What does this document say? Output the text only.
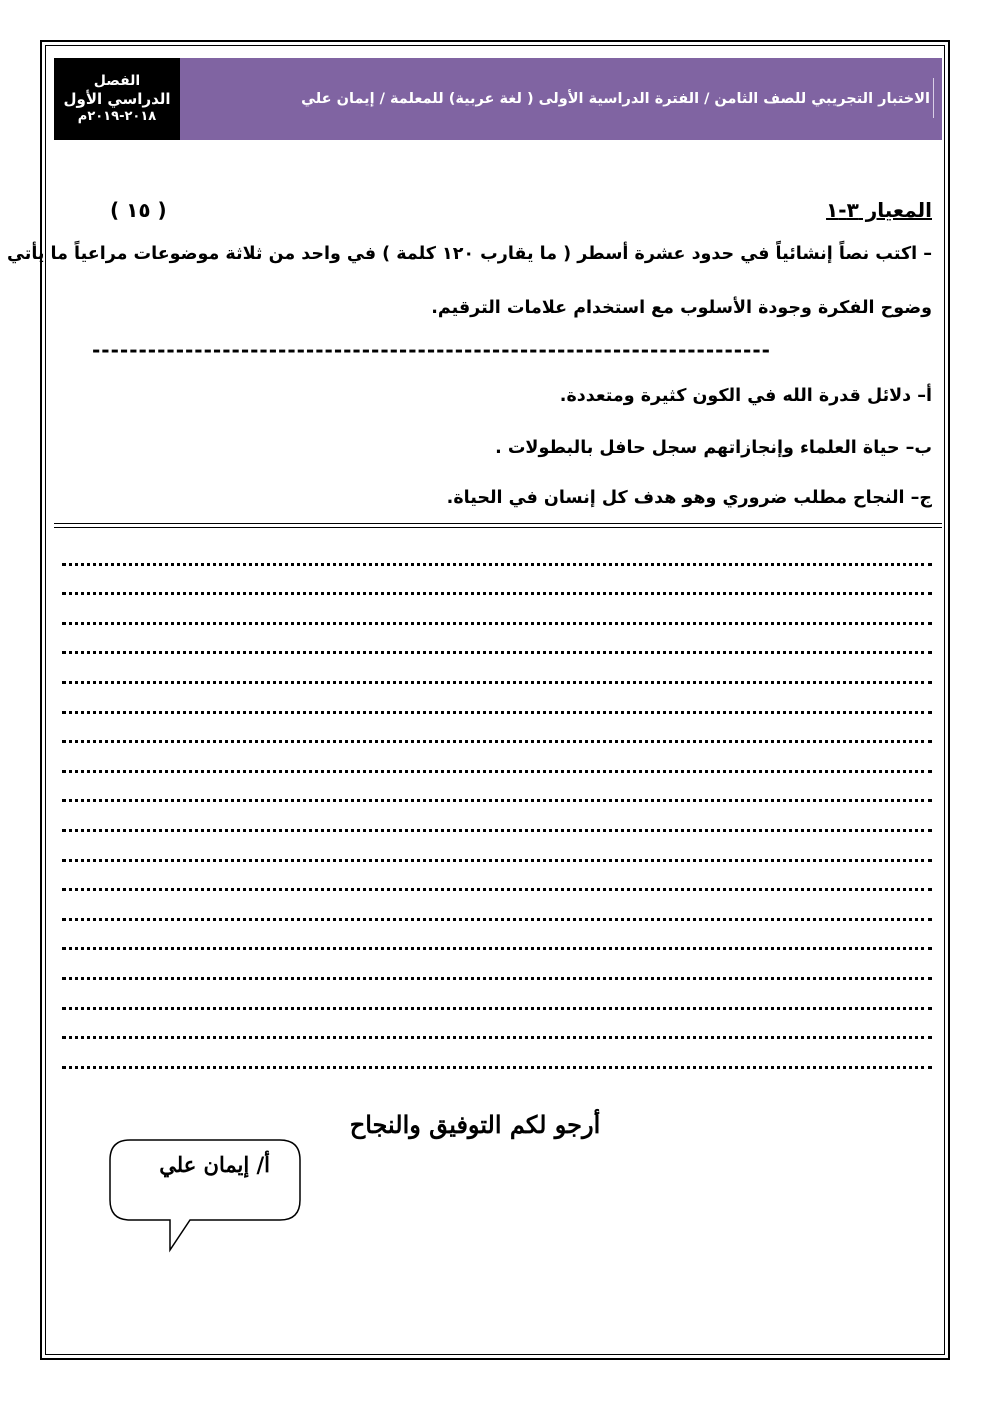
الفصل
الدراسي الأول
٢٠١٨-٢٠١٩م
الاختبار التجريبي للصف الثامن / الفترة الدراسية الأولى ( لغة عربية) للمعلمة / إيمان علي
المعيار ٣-١
( ١٥ )
– اكتب نصاً إنشائياً في حدود عشرة أسطر ( ما يقارب ١٢٠ كلمة ) في واحد من ثلاثة موضوعات مراعياً ما يأتي
وضوح الفكرة وجودة الأسلوب مع استخدام علامات الترقيم.
-------------------------------------------------------------------------
أ– دلائل قدرة الله في الكون كثيرة ومتعددة.
ب– حياة العلماء وإنجازاتهم سجل حافل بالبطولات .
ج– النجاح مطلب ضروري وهو هدف كل إنسان في الحياة.
أرجو لكم التوفيق والنجاح
أ/ إيمان علي
